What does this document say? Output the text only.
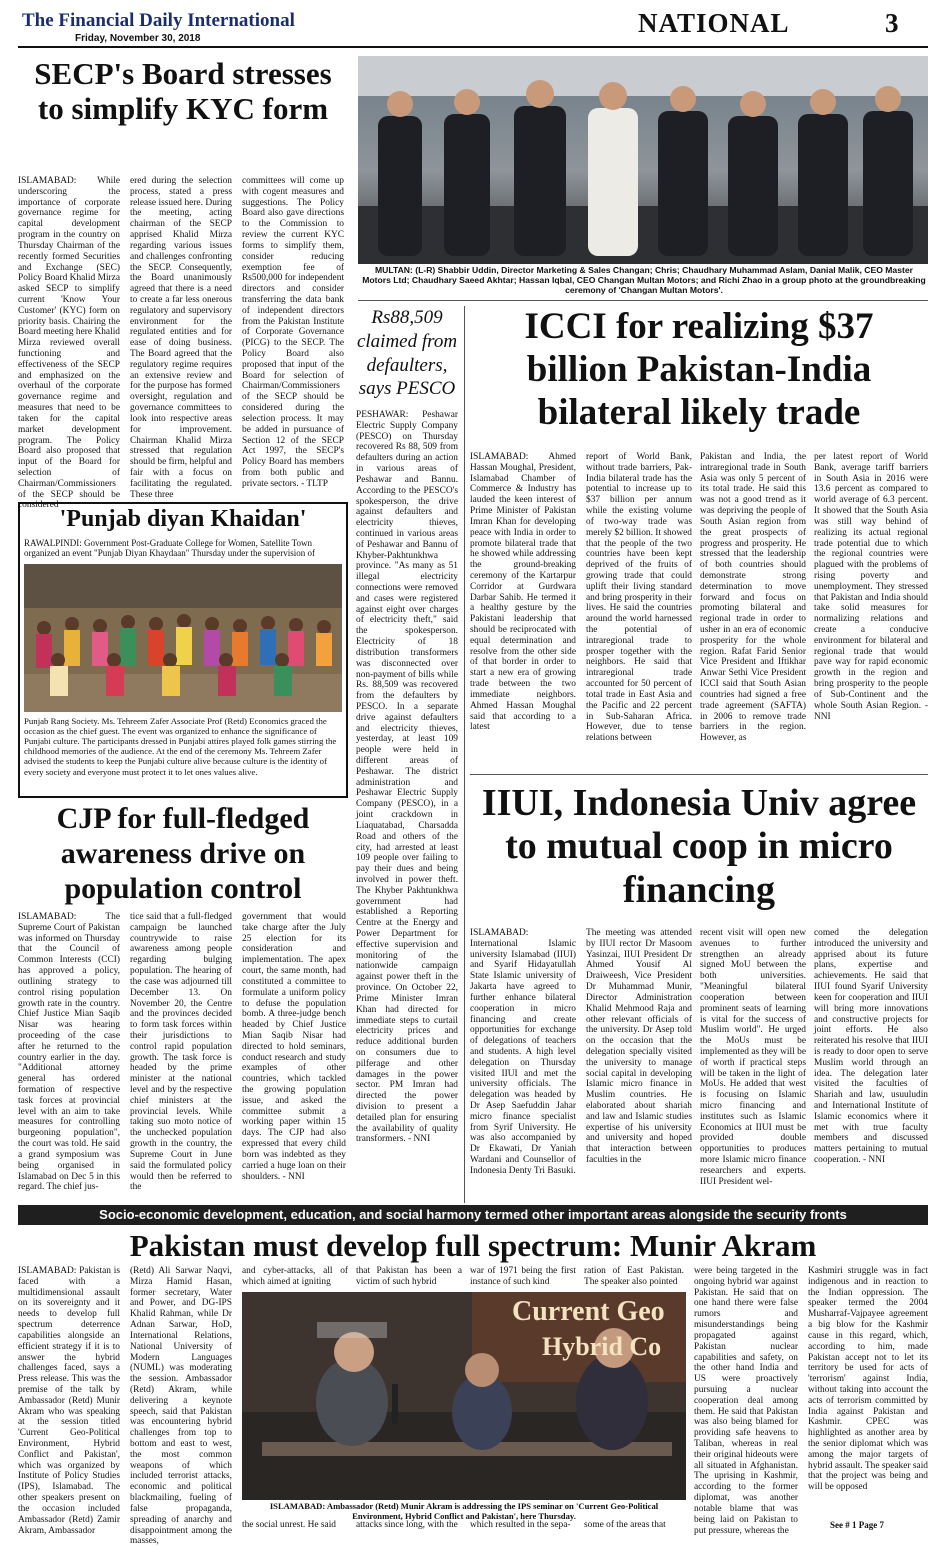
The Financial Daily International
Friday, November 30, 2018
NATIONAL	3
SECP's Board stresses to simplify KYC form
ISLAMABAD: While underscoring the importance of corporate governance regime for capital development program in the country on Thursday Chairman of the recently formed Securities and Exchange (SEC) Policy Board Khalid Mirza asked SECP to simplify current 'Know Your Customer' (KYC) form on priority basis. Chairing the Board meeting here Khalid Mirza reviewed overall functioning and effectiveness of the SECP and emphasized on the overhaul of the corporate governance regime and measures that need to be taken for the capital market development program. The Policy Board also proposed that input of the Board for selection of Chairman/Commissioners of the SECP should be considered
ered during the selection process, stated a press release issued here. During the meeting, acting chairman of the SECP apprised Khalid Mirza regarding various issues and challenges confronting the SECP. Consequently, the Board unanimously agreed that there is a need to create a far less onerous regulatory and supervisory environment for the regulated entities and for ease of doing business. The Board agreed that the regulatory regime requires an extensive review and for the purpose has formed oversight, regulation and governance committees to look into respective areas for improvement. Chairman Khalid Mirza stressed that regulation should be firm, helpful and fair with a focus on facilitating the regulated. These three
committees will come up with cogent measures and suggestions. The Policy Board also gave directions to the Commission to review the current KYC forms to simplify them, consider reducing exemption fee of Rs500,000 for independent directors and consider transferring the data bank of independent directors from the Pakistan Institute of Corporate Governance (PICG) to the SECP. The Policy Board also proposed that input of the Board for selection of Chairman/Commissioners of the SECP should be considered during the selection process. It may be added in pursuance of Section 12 of the SECP Act 1997, the SECP's Policy Board has members from both public and private sectors. - TLTP
MULTAN: (L-R) Shabbir Uddin, Director Marketing & Sales Changan; Chris; Chaudhary Muhammad Aslam, Danial Malik, CEO Master Motors Ltd; Chaudhary Saeed Akhtar; Hassan Iqbal, CEO Changan Multan Motors; and Richi Zhao in a group photo at the groundbreaking ceremony of 'Changan Multan Motors'.
Rs88,509 claimed from defaulters, says PESCO
PESHAWAR: Peshawar Electric Supply Company (PESCO) on Thursday recovered Rs 88, 509 from defaulters during an action in various areas of Peshawar and Bannu. According to the PESCO's spokesperson, the drive against defaulters and electricity thieves, continued in various areas of Peshawar and Bannu of Khyber-Pakhtunkhwa province. "As many as 51 illegal electricity connections were removed and cases were registered against eight over charges of electricity theft," said the spokesperson. Electricity of 18 distribution transformers was disconnected over non-payment of bills while Rs. 88,509 was recovered from the defaulters by PESCO. In a separate drive against defaulters and electricity thieves, yesterday, at least 109 people were held in different areas of Peshawar. The district administration and Peshawar Electric Supply Company (PESCO), in a joint crackdown in Liaquatabad, Charsadda Road and others of the city, had arrested at least 109 people over failing to pay their dues and being involved in power theft. The Khyber Pakhtunkhwa government had established a Reporting Centre at the Energy and Power Department for effective supervision and monitoring of the nationwide campaign against power theft in the province. On October 22, Prime Minister Imran Khan had directed for immediate steps to curtail electricity prices and reduce additional burden on consumers due to pilferage and other damages in the power sector. PM Imran had directed the power division to present a detailed plan for ensuring the availability of quality transformers. - NNI
ICCI for realizing $37 billion Pakistan-India bilateral likely trade
ISLAMABAD: Ahmed Hassan Moughal, President, Islamabad Chamber of Commerce & Industry has lauded the keen interest of Prime Minister of Pakistan Imran Khan for developing peace with India in order to promote bilateral trade that he showed while addressing the ground-breaking ceremony of the Kartarpur Corridor at Gurdwara Darbar Sahib. He termed it a healthy gesture by the Pakistani leadership that should be reciprocated with equal determination and resolve from the other side of that border in order to start a new era of growing trade between the two immediate neighbors. Ahmed Hassan Moughal said that according to a latest
report of World Bank, without trade barriers, Pak-India bilateral trade has the potential to increase up to $37 billion per annum while the existing volume of two-way trade was merely $2 billion. It showed that the people of the two countries have been kept deprived of the fruits of growing trade that could uplift their living standard and bring prosperity in their lives. He said the countries around the world harnessed the potential of intraregional trade to prosper together with the neighbors. He said that intraregional trade accounted for 50 percent of total trade in East Asia and the Pacific and 22 percent in Sub-Saharan Africa. However, due to tense relations between
Pakistan and India, the intraregional trade in South Asia was only 5 percent of its total trade. He said this was not a good trend as it was depriving the people of South Asian region from the great prospects of progress and prosperity. He stressed that the leadership of both countries should demonstrate strong determination to move forward and focus on promoting bilateral and regional trade in order to usher in an era of economic prosperity for the whole region. Rafat Farid Senior Vice President and Iftikhar Anwar Sethi Vice President ICCI said that South Asian countries had signed a free trade agreement (SAFTA) in 2006 to remove trade barriers in the region. However, as
per latest report of World Bank, average tariff barriers in South Asia in 2016 were 13.6 percent as compared to world average of 6.3 percent. It showed that the South Asia was still way behind of realizing its actual regional trade potential due to which the regional countries were plagued with the problems of rising poverty and unemployment. They stressed that Pakistan and India should take solid measures for normalizing relations and create a conducive environment for bilateral and regional trade that would pave way for rapid economic growth in the region and bring prosperity to the people of Sub-Continent and the whole South Asian Region. - NNI
'Punjab diyan Khaidan'
RAWALPINDI: Government Post-Graduate College for Women, Satellite Town organized an event "Punjab Diyan Khaydaan" Thursday under the supervision of
Punjab Rang Society. Ms. Tehreem Zafer Associate Prof (Retd) Economics graced the occasion as the chief guest. The event was organized to enhance the significance of Punjabi culture. The participants dressed in Punjabi attires played folk games stirring the childhood memories of the audience. At the end of the ceremony Ms. Tehreem Zafer advised the students to keep the Punjabi culture alive because culture is the identity of every society and everyone must protect it to let ones values alive.
CJP for full-fledged awareness drive on population control
ISLAMABAD: The Supreme Court of Pakistan was informed on Thursday that the Council of Common Interests (CCI) has approved a policy, outlining strategy to control rising population growth rate in the country. Chief Justice Mian Saqib Nisar was hearing proceeding of the case after he returned to the country earlier in the day. "Additional attorney general has ordered formation of respective task forces at provincial level with an aim to take measures for controlling burgeoning population", the court was told. He said a grand symposium was being organised in Islamabad on Dec 5 in this regard. The chief jus-
tice said that a full-fledged campaign be launched countrywide to raise awareness among people regarding bulging population. The hearing of the case was adjourned till December 13. On November 20, the Centre and the provinces decided to form task forces within their jurisdictions to control rapid population growth. The task force is headed by the prime minister at the national level and by the respective chief ministers at the provincial levels. While taking suo moto notice of the unchecked population growth in the country, the Supreme Court in June said the formulated policy would then be referred to the
government that would take charge after the July 25 election for its consideration and implementation. The apex court, the same month, had constituted a committee to formulate a uniform policy to defuse the population bomb. A three-judge bench headed by Chief Justice Mian Saqib Nisar had directed to hold seminars, conduct research and study examples of other countries, which tackled the growing population issue, and asked the committee submit a working paper within 15 days. The CJP had also expressed that every child born was indebted as they carried a huge loan on their shoulders. - NNI
IIUI, Indonesia Univ agree to mutual coop in micro financing
ISLAMABAD: International Islamic university Islamabad (IIUI) and Syarif Hidayatullah State Islamic university of Jakarta have agreed to further enhance bilateral cooperation in micro financing and create opportunities for exchange of delegations of teachers and students. A high level delegation on Thursday visited IIUI and met the university officials. The delegation was headed by Dr Asep Saefuddin Jahar micro finance specialist from Syrif University. He was also accompanied by Dr Ekawati, Dr Yaniah Wardani and Counsellor of Indonesia Denty Tri Basuki.
The meeting was attended by IIUI rector Dr Masoom Yasinzai, IIUI President Dr Ahmed Yousif Al Draiweesh, Vice President Dr Muhammad Munir, Director Administration Khalid Mehmood Raja and other relevant officials of the university. Dr Asep told on the occasion that the delegation specially visited the university to manage social capital in developing Islamic micro finance in Muslim countries. He elaborated about shariah and law and Islamic studies expertise of his university and university and hoped that interaction between faculties in the
recent visit will open new avenues to further strengthen an already signed MoU between the both universities. "Meaningful bilateral cooperation between prominent seats of learning is vital for the success of Muslim world". He urged the MoUs must be implemented as they will be of worth if practical steps will be taken in the light of MoUs. He added that west is focusing on Islamic micro financing and institutes such as Islamic Economics at IIUI must be provided double opportunities to produces more Islamic micro finance researchers and experts. IIUI President wel-
comed the delegation introduced the university and apprised about its future plans, expertise and achievements. He said that IIUI found Syarif University keen for cooperation and IIUI will bring more innovations and constructive projects for joint efforts. He also reiterated his resolve that IIUI is ready to door open to serve Muslim world through an idea. The delegation later visited the faculties of Shariah and law, usuuludin and International Institute of Islamic economics where it met with true faculty members and discussed matters pertaining to mutual cooperation. - NNI
Socio-economic development, education, and social harmony termed other important areas alongside the security fronts
Pakistan must develop full spectrum: Munir Akram
ISLAMABAD: Pakistan is faced with a multidimensional assault on its sovereignty and it needs to develop full spectrum deterrence capabilities alongside an efficient strategy if it is to answer the hybrid challenges faced, says a Press release. This was the premise of the talk by Ambassador (Retd) Munir Akram who was speaking at the session titled 'Current Geo-Political Environment, Hybrid Conflict and Pakistan', which was organized by Institute of Policy Studies (IPS), Islamabad. The other speakers present on the occasion included Ambassador (Retd) Zamir Akram, Ambassador
(Retd) Ali Sarwar Naqvi, Mirza Hamid Hasan, former secretary, Water and Power, and DG-IPS Khalid Rahman, while Dr Adnan Sarwar, HoD, International Relations, National University of Modern Languages (NUML) was moderating the session. Ambassador (Retd) Akram, while delivering a keynote speech, said that Pakistan was encountering hybrid challenges from top to bottom and east to west, the most common weapons of which included terrorist attacks, economic and political blackmailing, fueling of false propaganda, spreading of anarchy and disappointment among the masses,
and cyber-attacks, all of which aimed at igniting
that Pakistan has been a victim of such hybrid
war of 1971 being the first instance of such kind
ration of East Pakistan. The speaker also pointed
Current Geo
Hybrid Co
ISLAMABAD: Ambassador (Retd) Munir Akram is addressing the IPS seminar on 'Current Geo-Political Environment, Hybrid Conflict and Pakistan', here Thursday.
the social unrest. He said	attacks since long, with the	which resulted in the sepa-	some of the areas that
were being targeted in the ongoing hybrid war against Pakistan. He said that on one hand there were false rumors and misunderstandings being propagated against Pakistan nuclear capabilities and safety, on the other hand India and US were proactively pursuing a nuclear cooperation deal among them. He said that Pakistan was also being blamed for providing safe heavens to Taliban, whereas in real their original hideouts were all situated in Afghanistan. The uprising in Kashmir, according to the former diplomat, was another notable blame that was being laid on Pakistan to put pressure, whereas the
Kashmiri struggle was in fact indigenous and in reaction to the Indian oppression. The speaker termed the 2004 Musharraf-Vajpayee agreement a big blow for the Kashmir cause in this regard, which, according to him, made Pakistan accept not to let its territory be used for acts of 'terrorism' against India, without taking into account the acts of terrorism committed by India against Pakistan and Kashmir. CPEC was highlighted as another area by the senior diplomat which was among the major targets of hybrid assault. The speaker said that the project was being and will be opposed
See # 1 Page 7
